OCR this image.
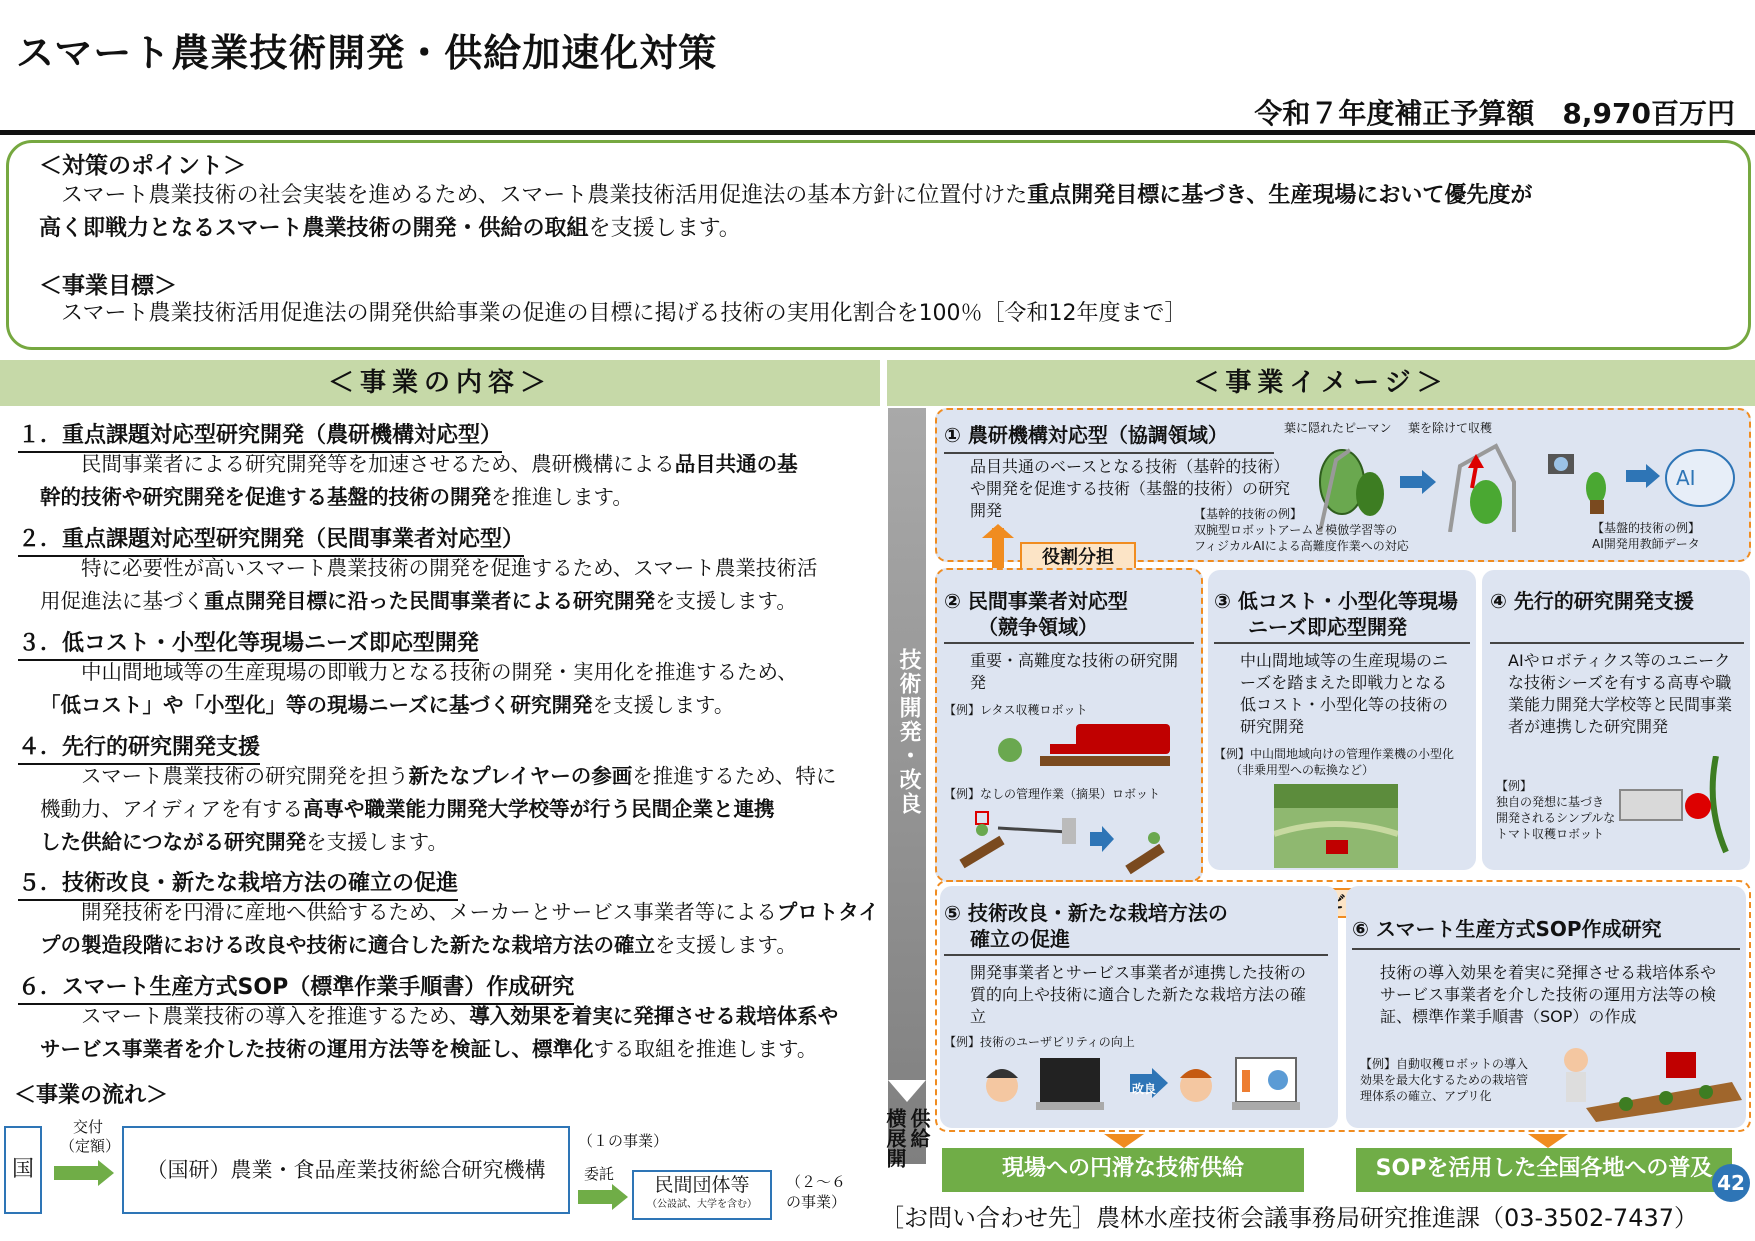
スマート農業技術開発・供給加速化対策
令和７年度補正予算額　8,970百万円
＜対策のポイント＞
　スマート農業技術の社会実装を進めるため、スマート農業技術活用促進法の基本方針に位置付けた重点開発目標に基づき、生産現場において優先度が
高く即戦力となるスマート農業技術の開発・供給の取組を支援します。
＜事業目標＞
　スマート農業技術活用促進法の開発供給事業の促進の目標に掲げる技術の実用化割合を100％［令和12年度まで］
＜事業の内容＞	＜事業イメージ＞
１．重点課題対応型研究開発（農研機構対応型）
　　民間事業者による研究開発等を加速させるため、農研機構による品目共通の基
幹的技術や研究開発を促進する基盤的技術の開発を推進します。
２．重点課題対応型研究開発（民間事業者対応型）
　　特に必要性が高いスマート農業技術の開発を促進するため、スマート農業技術活
用促進法に基づく重点開発目標に沿った民間事業者による研究開発を支援します。
３．低コスト・小型化等現場ニーズ即応型開発
　　中山間地域等の生産現場の即戦力となる技術の開発・実用化を推進するため、
「低コスト」や「小型化」等の現場ニーズに基づく研究開発を支援します。
４．先行的研究開発支援
　　スマート農業技術の研究開発を担う新たなプレイヤーの参画を推進するため、特に
機動力、アイディアを有する高専や職業能力開発大学校等が行う民間企業と連携
した供給につながる研究開発を支援します。
５．技術改良・新たな栽培方法の確立の促進
　　開発技術を円滑に産地へ供給するため、メーカーとサービス事業者等によるプロトタイ
プの製造段階における改良や技術に適合した新たな栽培方法の確立を支援します。
６．スマート生産方式SOP（標準作業手順書）作成研究
　　スマート農業技術の導入を推進するため、導入効果を着実に発揮させる栽培体系や
サービス事業者を介した技術の運用方法等を検証し、標準化する取組を推進します。
＜事業の流れ＞
国
交付
（定額）
（国研）農業・食品産業技術総合研究機構
（１の事業）
委託	民間団体等
（公設試、大学を含む）
（２～６
の事業）
技術開発・改良
供給
横展開
① 農研機構対応型（協調領域）
品目共通のベースとなる技術（基幹的技術）や開発を促進する技術（基盤的技術）の研究開発
葉に隠れたピーマン 葉を除けて収穫
AI
【基幹的技術の例】
双腕型ロボットアームと模倣学習等の
フィジカルAIによる高難度作業への対応
【基盤的技術の例】
AI開発用教師データ
役割分担
② 民間事業者対応型
（競争領域）
重要・高難度な技術の研究開発
【例】レタス収穫ロボット
【例】なしの管理作業（摘果）ロボット
③ 低コスト・小型化等現場
ニーズ即応型開発
中山間地域等の生産現場のニーズを踏まえた即戦力となる低コスト・小型化等の技術の研究開発
【例】中山間地域向けの管理作業機の小型化
（非乗用型への転換など）
④ 先行的研究開発支援
AIやロボティクス等のユニークな技術シーズを有する高専や職業能力開発大学校等と民間事業者が連携した研究開発
【例】
独自の発想に基づき
開発されるシンプルな
トマト収穫ロボット
⑤ 技術改良・新たな栽培方法の
確立の促進
開発事業者とサービス事業者が連携した技術の質的向上や技術に適合した新たな栽培方法の確立
【例】技術のユーザビリティの向上
改良
⑥ スマート生産方式SOP作成研究
技術の導入効果を着実に発揮させる栽培体系やサービス事業者を介した技術の運用方法等の検証、標準作業手順書（SOP）の作成
【例】自動収穫ロボットの導入
効果を最大化するための栽培管
理体系の確立、アプリ化
現場への円滑な技術供給	SOPを活用した全国各地への普及
［お問い合わせ先］農林水産技術会議事務局研究推進課（03-3502-7437）
42
